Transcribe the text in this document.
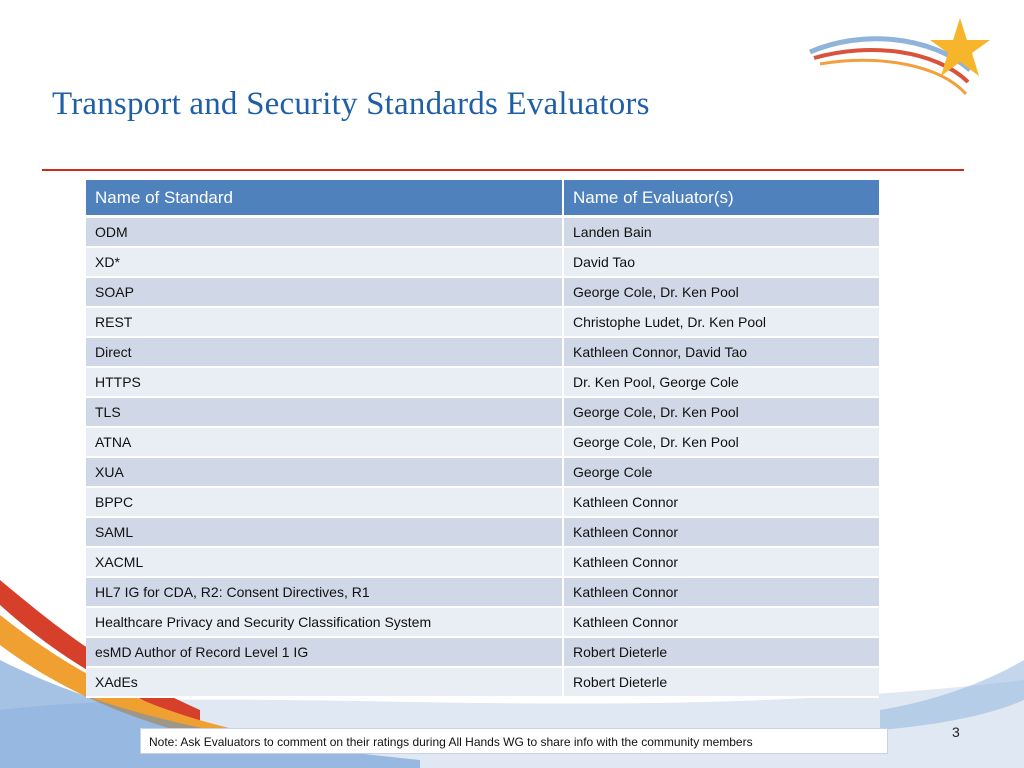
Transport and Security Standards Evaluators
Name of Standard	Name of Evaluator(s)
ODM	Landen Bain
XD*	David Tao
SOAP	George Cole, Dr. Ken Pool
REST	Christophe Ludet, Dr. Ken Pool
Direct	Kathleen Connor, David Tao
HTTPS	Dr. Ken Pool, George Cole
TLS	George Cole, Dr. Ken Pool
ATNA	George Cole, Dr. Ken Pool
XUA	George Cole
BPPC	Kathleen Connor
SAML	Kathleen Connor
XACML	Kathleen Connor
HL7 IG for CDA, R2: Consent Directives, R1	Kathleen Connor
Healthcare Privacy and Security Classification System	Kathleen Connor
esMD Author of Record Level 1 IG	Robert Dieterle
XAdEs	Robert Dieterle
3
Note: Ask Evaluators to comment on their ratings during All Hands WG to share info with the community members
